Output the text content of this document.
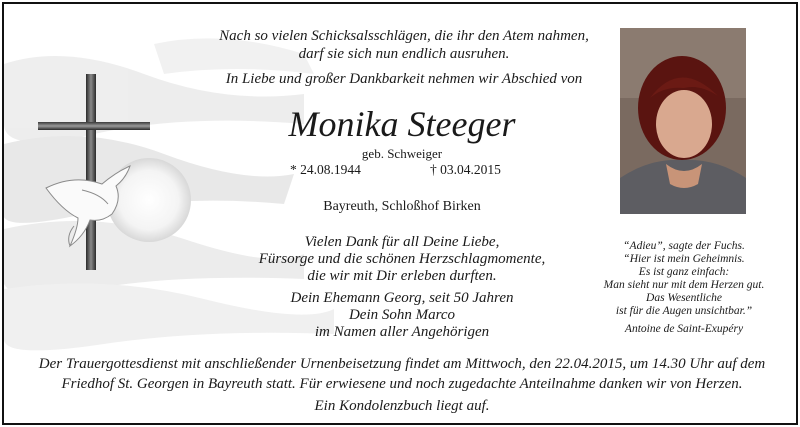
Nach so vielen Schicksalsschlägen, die ihr den Atem nahmen,
darf sie sich nun endlich ausruhen.
In Liebe und großer Dankbarkeit nehmen wir Abschied von
Monika Steeger
geb. Schweiger
* 24.08.1944	† 03.04.2015
Bayreuth, Schloßhof Birken
Vielen Dank für all Deine Liebe,
Fürsorge und die schönen Herzschlagmomente,
die wir mit Dir erleben durften.
Dein Ehemann Georg, seit 50 Jahren
Dein Sohn Marco
im Namen aller Angehörigen
“Adieu”, sagte der Fuchs.
“Hier ist mein Geheimnis.
Es ist ganz einfach:
Man sieht nur mit dem Herzen gut.
Das Wesentliche
ist für die Augen unsichtbar.”
Antoine de Saint-Exupéry
Der Trauergottesdienst mit anschließender Urnenbeisetzung findet am Mittwoch, den 22.04.2015, um 14.30 Uhr auf dem
Friedhof St. Georgen in Bayreuth statt. Für erwiesene und noch zugedachte Anteilnahme danken wir von Herzen.
Ein Kondolenzbuch liegt auf.
